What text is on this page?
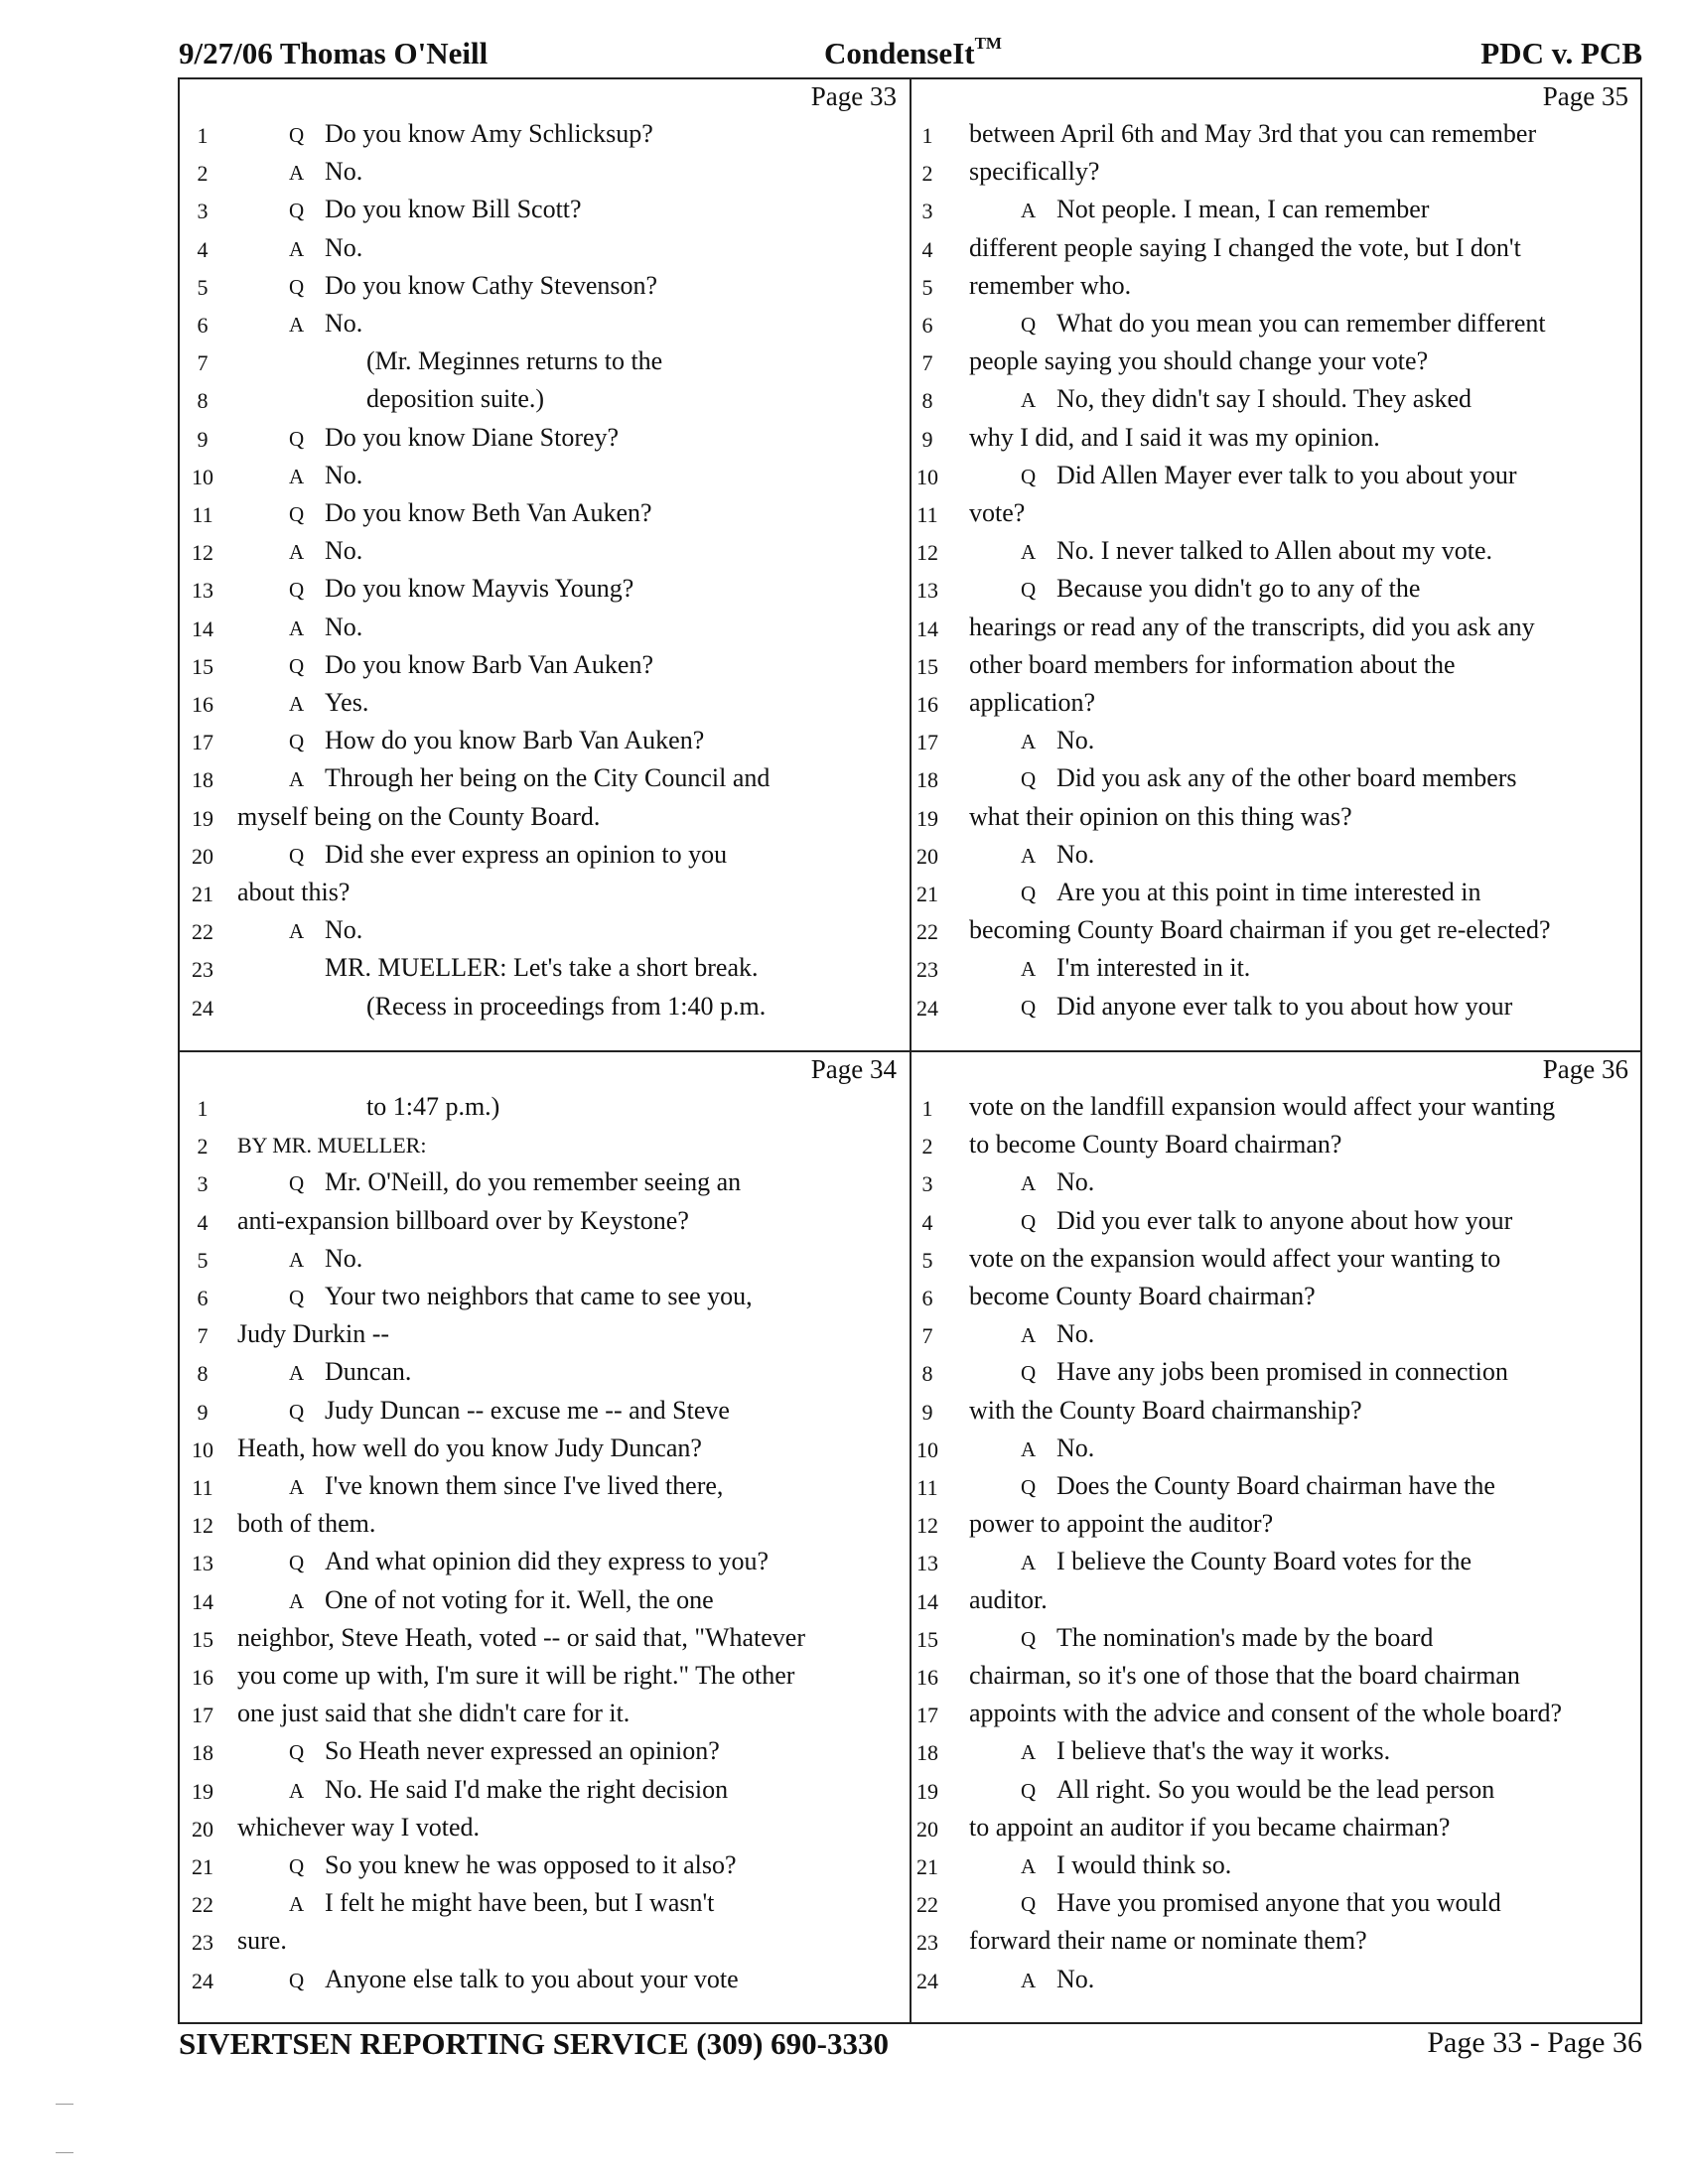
9/27/06 Thomas O'Neill	CondenseIt™	PDC v. PCB
Page 33
1	Q Do you know Amy Schlicksup?
2	A No.
3	Q Do you know Bill Scott?
4	A No.
5	Q Do you know Cathy Stevenson?
6	A No.
7	(Mr. Meginnes returns to the
8	deposition suite.)
9	Q Do you know Diane Storey?
10	A No.
11	Q Do you know Beth Van Auken?
12	A No.
13	Q Do you know Mayvis Young?
14	A No.
15	Q Do you know Barb Van Auken?
16	A Yes.
17	Q How do you know Barb Van Auken?
18	A Through her being on the City Council and
19 myself being on the County Board.
20	Q Did she ever express an opinion to you
21 about this?
22	A No.
23	MR. MUELLER: Let's take a short break.
24	(Recess in proceedings from 1:40 p.m.
Page 35
1	between April 6th and May 3rd that you can remember
2	specifically?
3	A Not people. I mean, I can remember
4	different people saying I changed the vote, but I don't
5	remember who.
6	Q What do you mean you can remember different
7	people saying you should change your vote?
8	A No, they didn't say I should. They asked
9	why I did, and I said it was my opinion.
10	Q Did Allen Mayer ever talk to you about your
11 vote?
12	A No. I never talked to Allen about my vote.
13	Q Because you didn't go to any of the
14 hearings or read any of the transcripts, did you ask any
15 other board members for information about the
16 application?
17	A No.
18	Q Did you ask any of the other board members
19 what their opinion on this thing was?
20	A No.
21	Q Are you at this point in time interested in
22 becoming County Board chairman if you get re-elected?
23	A I'm interested in it.
24	Q Did anyone ever talk to you about how your
Page 34
1	to 1:47 p.m.)
2	BY MR. MUELLER:
3	Q Mr. O'Neill, do you remember seeing an
4	anti-expansion billboard over by Keystone?
5	A No.
6	Q Your two neighbors that came to see you,
7	Judy Durkin --
8	A Duncan.
9	Q Judy Duncan -- excuse me -- and Steve
10 Heath, how well do you know Judy Duncan?
11	A I've known them since I've lived there,
12 both of them.
13	Q And what opinion did they express to you?
14	A One of not voting for it. Well, the one
15 neighbor, Steve Heath, voted -- or said that, "Whatever
16 you come up with, I'm sure it will be right." The other
17 one just said that she didn't care for it.
18	Q So Heath never expressed an opinion?
19	A No. He said I'd make the right decision
20 whichever way I voted.
21	Q So you knew he was opposed to it also?
22	A I felt he might have been, but I wasn't
23 sure.
24	Q Anyone else talk to you about your vote
Page 36
1	vote on the landfill expansion would affect your wanting
2	to become County Board chairman?
3	A No.
4	Q Did you ever talk to anyone about how your
5	vote on the expansion would affect your wanting to
6	become County Board chairman?
7	A No.
8	Q Have any jobs been promised in connection
9	with the County Board chairmanship?
10	A No.
11	Q Does the County Board chairman have the
12 power to appoint the auditor?
13	A I believe the County Board votes for the
14 auditor.
15	Q The nomination's made by the board
16 chairman, so it's one of those that the board chairman
17 appoints with the advice and consent of the whole board?
18	A I believe that's the way it works.
19	Q All right. So you would be the lead person
20 to appoint an auditor if you became chairman?
21	A I would think so.
22	Q Have you promised anyone that you would
23 forward their name or nominate them?
24	A No.
SIVERTSEN REPORTING SERVICE (309) 690-3330	Page 33 - Page 36
